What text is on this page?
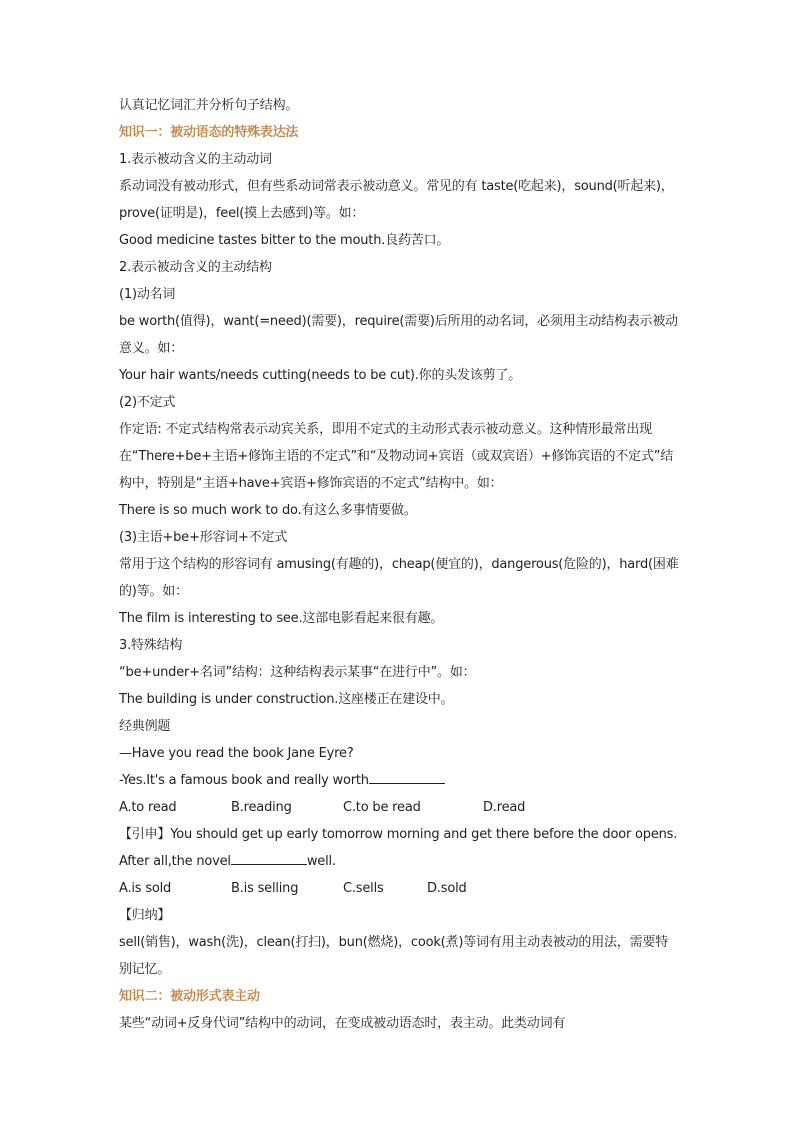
认真记忆词汇并分析句子结构。
知识一：被动语态的特殊表达法
1.表示被动含义的主动动词
系动词没有被动形式，但有些系动词常表示被动意义。常见的有 taste(吃起来)，sound(听起来)，prove(证明是)，feel(摸上去感到)等。如：
Good medicine tastes bitter to the mouth.良药苦口。
2.表示被动含义的主动结构
(1)动名词
be worth(值得)，want(=need)(需要)，require(需要)后所用的动名词，必须用主动结构表示被动意义。如：
Your hair wants/needs cutting(needs to be cut).你的头发该剪了。
(2)不定式
作定语: 不定式结构常表示动宾关系，即用不定式的主动形式表示被动意义。这种情形最常出现在“There+be+主语+修饰主语的不定式”和“及物动词+宾语（或双宾语）+修饰宾语的不定式”结构中，特别是“主语+have+宾语+修饰宾语的不定式”结构中。如：
There is so much work to do.有这么多事情要做。
(3)主语+be+形容词+不定式
常用于这个结构的形容词有 amusing(有趣的)，cheap(便宜的)，dangerous(危险的)，hard(困难的)等。如：
The film is interesting to see.这部电影看起来很有趣。
3.特殊结构
“be+under+名词”结构：这种结构表示某事“在进行中”。如：
The building is under construction.这座楼正在建设中。
经典例题
—Have you read the book Jane Eyre?
-Yes.It's a famous book and really worth
A.to read	B.reading	C.to be read	D.read
【引申】You should get up early tomorrow morning and get there before the door opens.
After all,the novel	well.
A.is sold	B.is selling	C.sells	D.sold
【归纳】
sell(销售)，wash(洗)，clean(打扫)，bun(燃烧)，cook(煮)等词有用主动表被动的用法，需要特别记忆。
知识二：被动形式表主动
某些“动词+反身代词”结构中的动词，在变成被动语态时，表主动。此类动词有
